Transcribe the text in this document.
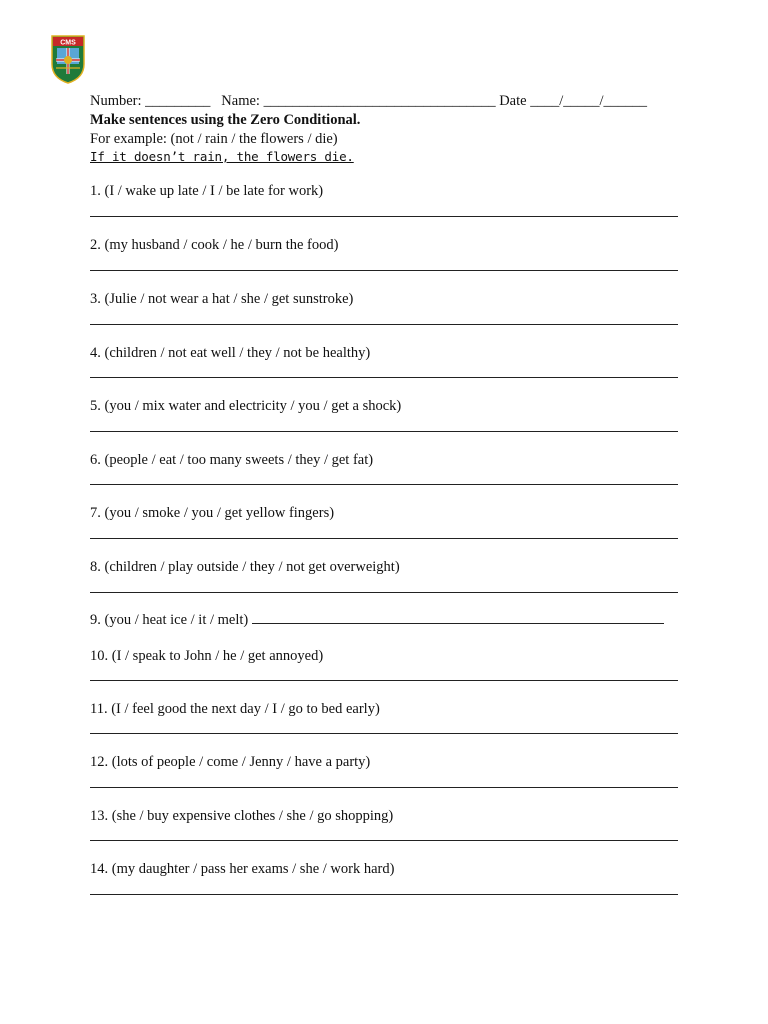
CMS
Number: _________   Name: ________________________________ Date ____/_____/______
Make sentences using the Zero Conditional.
For example: (not / rain / the flowers / die)
If it doesn’t rain, the flowers die.
1. (I / wake up late / I / be late for work)
2. (my husband / cook / he / burn the food)
3. (Julie / not wear a hat / she / get sunstroke)
4. (children / not eat well / they / not be healthy)
5. (you / mix water and electricity / you / get a shock)
6. (people / eat / too many sweets / they / get fat)
7. (you / smoke / you / get yellow fingers)
8. (children / play outside / they / not get overweight)
9. (you / heat ice / it / melt)
10. (I / speak to John / he / get annoyed)
11. (I / feel good the next day / I / go to bed early)
12. (lots of people / come / Jenny / have a party)
13. (she / buy expensive clothes / she / go shopping)
14. (my daughter / pass her exams / she / work hard)
